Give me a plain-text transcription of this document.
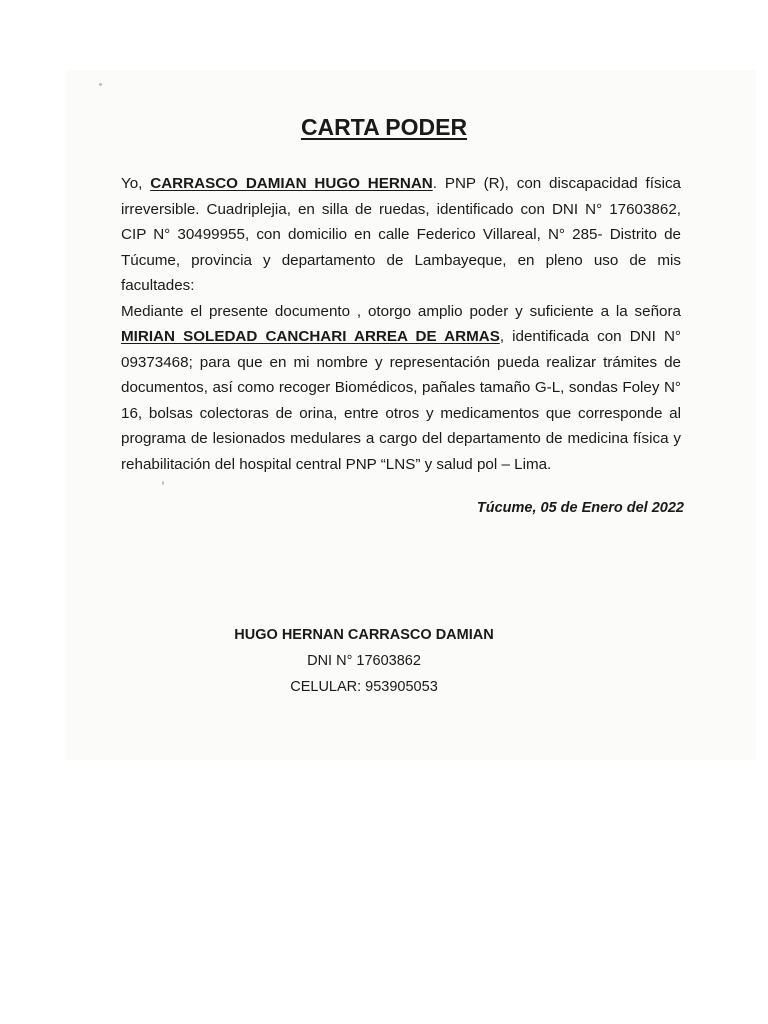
CARTA PODER

Yo, CARRASCO DAMIAN HUGO HERNAN. PNP (R), con discapacidad física irreversible. Cuadriplejia, en silla de ruedas, identificado con DNI N° 17603862, CIP N° 30499955, con domicilio en calle Federico Villareal, N° 285- Distrito de Túcume, provincia y departamento de Lambayeque, en pleno uso de mis facultades:

Mediante el presente documento , otorgo amplio poder y suficiente a la señora MIRIAN SOLEDAD CANCHARI ARREA DE ARMAS, identificada con DNI N° 09373468; para que en mi nombre y representación pueda realizar trámites de documentos, así como recoger Biomédicos, pañales tamaño G-L, sondas Foley N° 16, bolsas colectoras de orina, entre otros y medicamentos que corresponde al programa de lesionados medulares a cargo del departamento de medicina física y rehabilitación del hospital central PNP “LNS” y salud pol – Lima.

Túcume, 05 de Enero del 2022

HUGO HERNAN CARRASCO DAMIAN
DNI N° 17603862
CELULAR: 953905053
